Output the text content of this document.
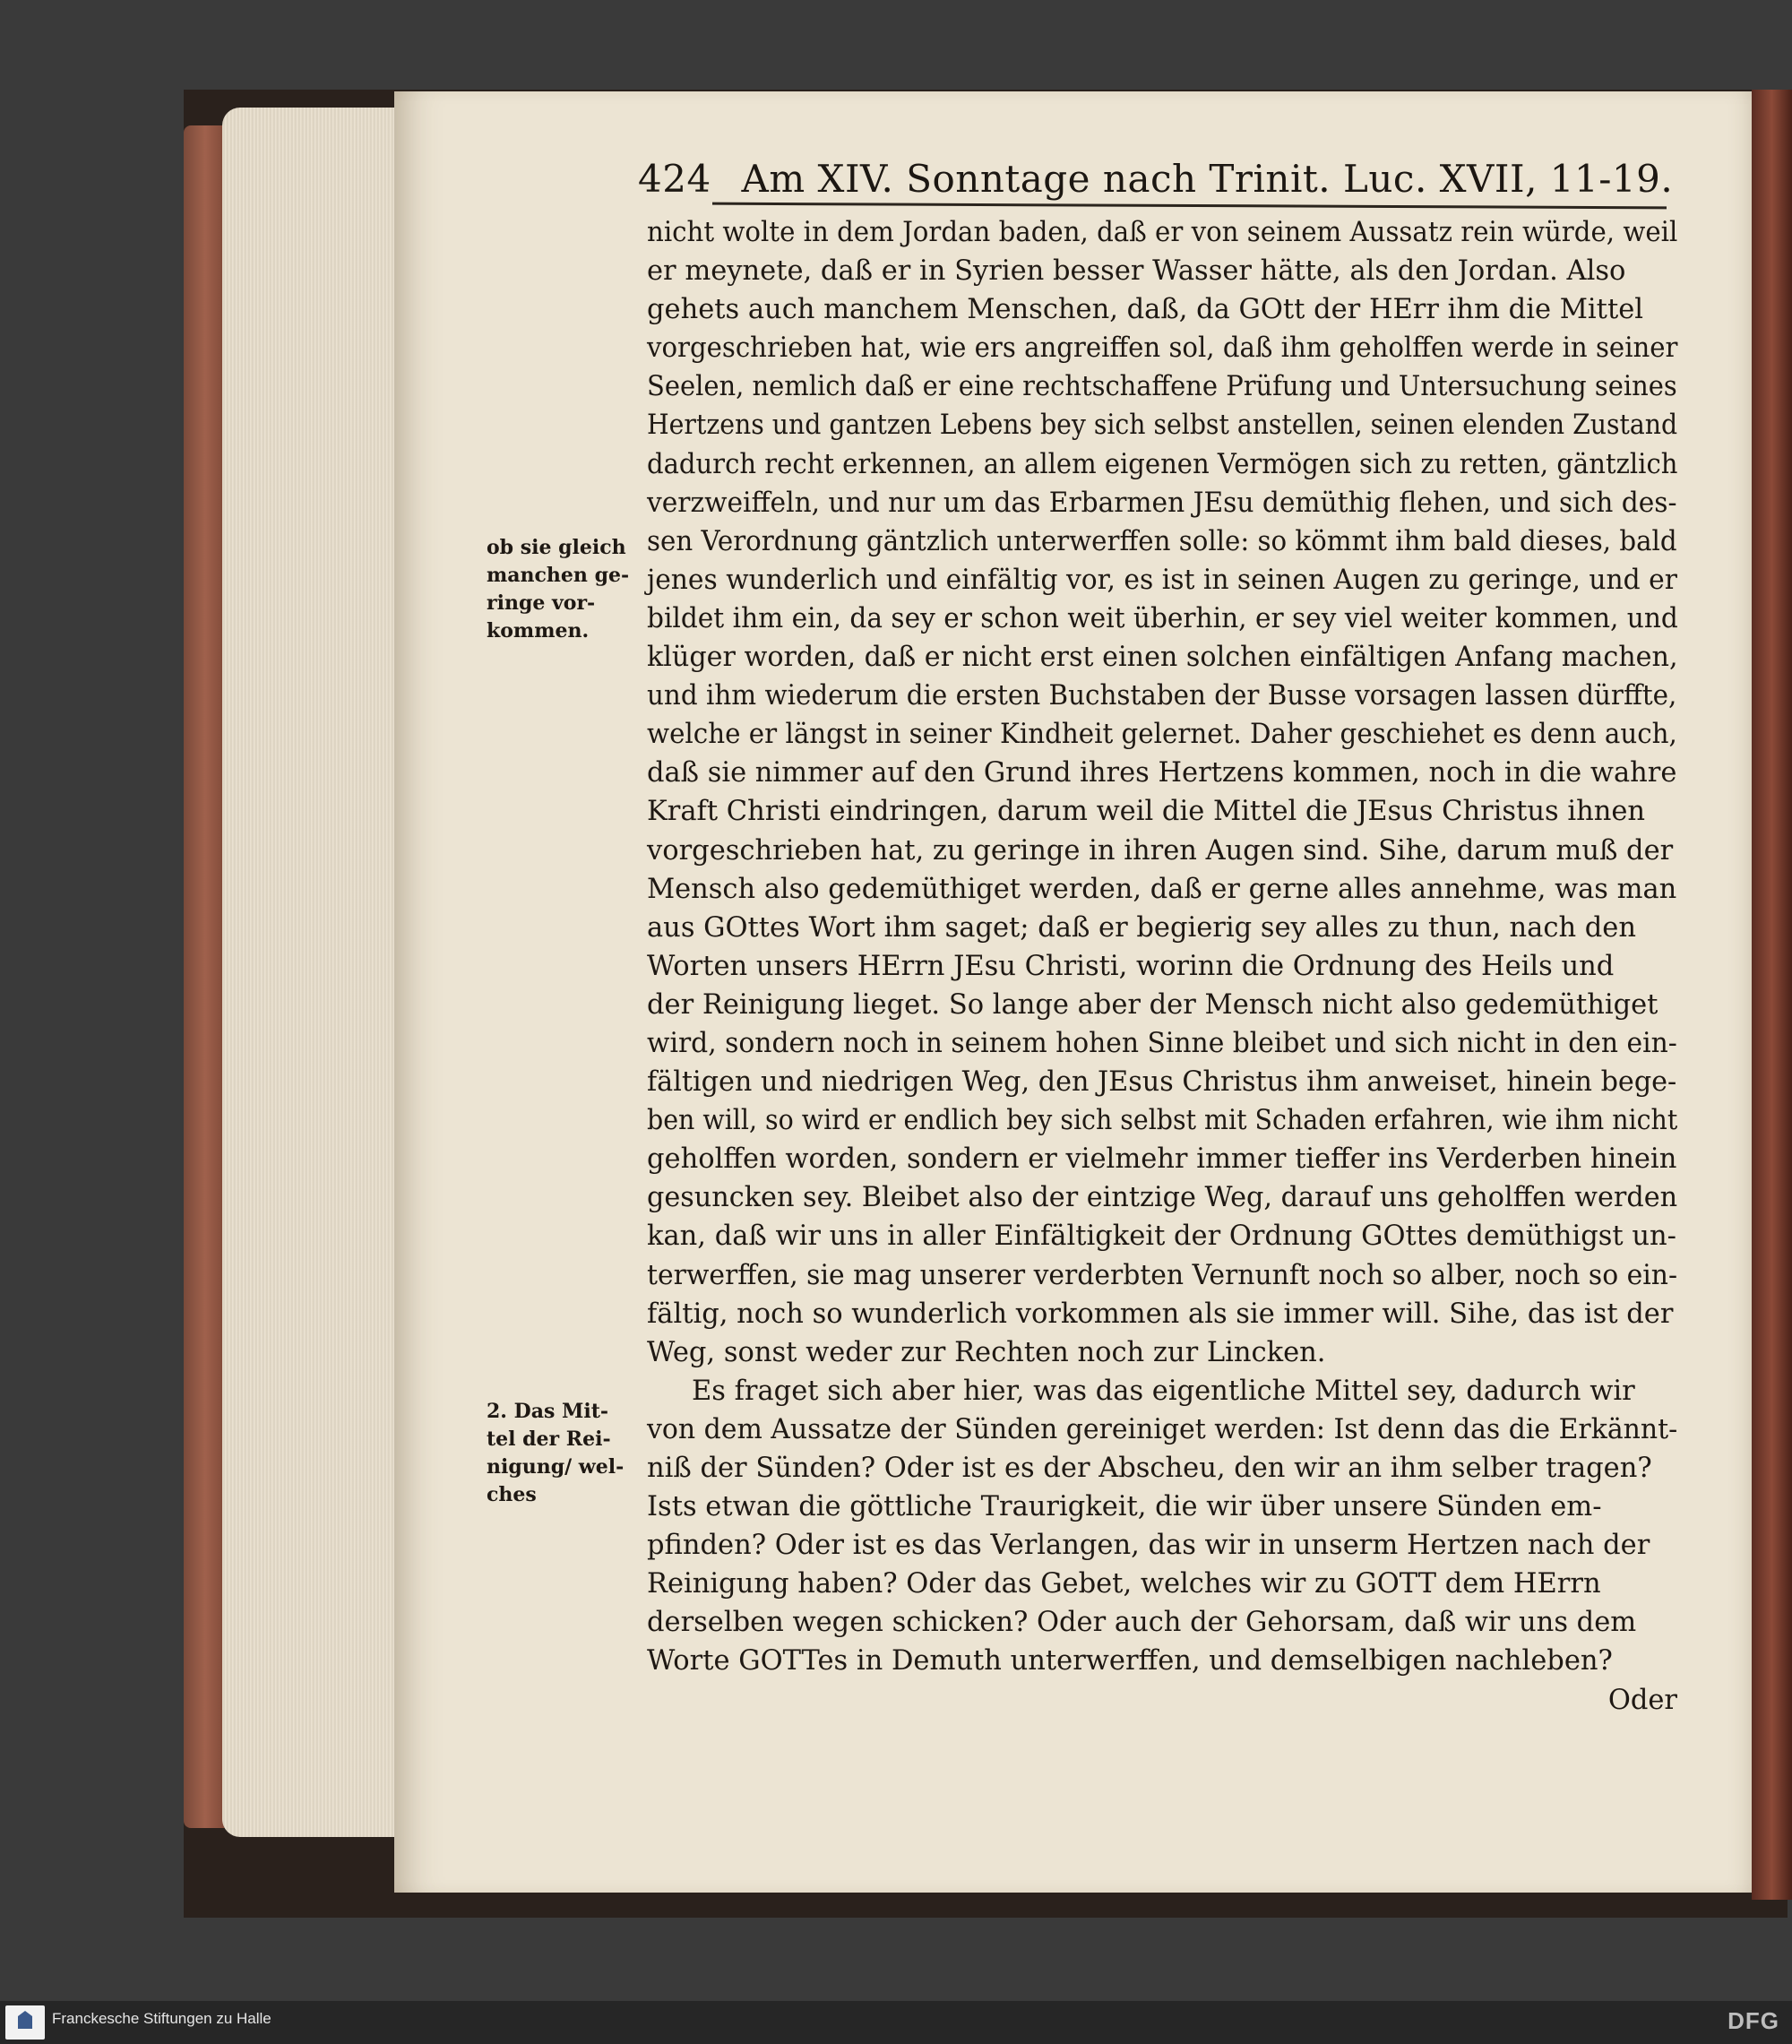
424 Am XIV. Sonntage nach Trinit. Luc. XVII, 11-19.
nicht wolte in dem Jordan baden, daß er von seinem Aussatz rein würde, weil
er meynete, daß er in Syrien besser Wasser hätte, als den Jordan. Also
gehets auch manchem Menschen, daß, da GOtt der HErr ihm die Mittel
vorgeschrieben hat, wie ers angreiffen sol, daß ihm geholffen werde in seiner
Seelen, nemlich daß er eine rechtschaffene Prüfung und Untersuchung seines
Hertzens und gantzen Lebens bey sich selbst anstellen, seinen elenden Zustand
dadurch recht erkennen, an allem eigenen Vermögen sich zu retten, gäntzlich
verzweiffeln, und nur um das Erbarmen JEsu demüthig flehen, und sich des-
sen Verordnung gäntzlich unterwerffen solle: so kömmt ihm bald dieses, bald
jenes wunderlich und einfältig vor, es ist in seinen Augen zu geringe, und er
bildet ihm ein, da sey er schon weit überhin, er sey viel weiter kommen, und
klüger worden, daß er nicht erst einen solchen einfältigen Anfang machen,
und ihm wiederum die ersten Buchstaben der Busse vorsagen lassen dürffte,
welche er längst in seiner Kindheit gelernet. Daher geschiehet es denn auch,
daß sie nimmer auf den Grund ihres Hertzens kommen, noch in die wahre
Kraft Christi eindringen, darum weil die Mittel die JEsus Christus ihnen
vorgeschrieben hat, zu geringe in ihren Augen sind. Sihe, darum muß der
Mensch also gedemüthiget werden, daß er gerne alles annehme, was man
aus GOttes Wort ihm saget; daß er begierig sey alles zu thun, nach den
Worten unsers HErrn JEsu Christi, worinn die Ordnung des Heils und
der Reinigung lieget. So lange aber der Mensch nicht also gedemüthiget
wird, sondern noch in seinem hohen Sinne bleibet und sich nicht in den ein-
fältigen und niedrigen Weg, den JEsus Christus ihm anweiset, hinein bege-
ben will, so wird er endlich bey sich selbst mit Schaden erfahren, wie ihm nicht
geholffen worden, sondern er vielmehr immer tieffer ins Verderben hinein
gesuncken sey. Bleibet also der eintzige Weg, darauf uns geholffen werden
kan, daß wir uns in aller Einfältigkeit der Ordnung GOttes demüthigst un-
terwerffen, sie mag unserer verderbten Vernunft noch so alber, noch so ein-
fältig, noch so wunderlich vorkommen als sie immer will. Sihe, das ist der
Weg, sonst weder zur Rechten noch zur Lincken.
Es fraget sich aber hier, was das eigentliche Mittel sey, dadurch wir
von dem Aussatze der Sünden gereiniget werden: Ist denn das die Erkännt-
niß der Sünden? Oder ist es der Abscheu, den wir an ihm selber tragen?
Ists etwan die göttliche Traurigkeit, die wir über unsere Sünden em-
pfinden? Oder ist es das Verlangen, das wir in unserm Hertzen nach der
Reinigung haben? Oder das Gebet, welches wir zu GOTT dem HErrn
derselben wegen schicken? Oder auch der Gehorsam, daß wir uns dem
Worte GOTTes in Demuth unterwerffen, und demselbigen nachleben?
Oder
ob sie gleich
manchen ge-
ringe vor-
kommen.
2. Das Mit-
tel der Rei-
nigung/ wel-
ches
Franckesche Stiftungen zu Halle	DFG
